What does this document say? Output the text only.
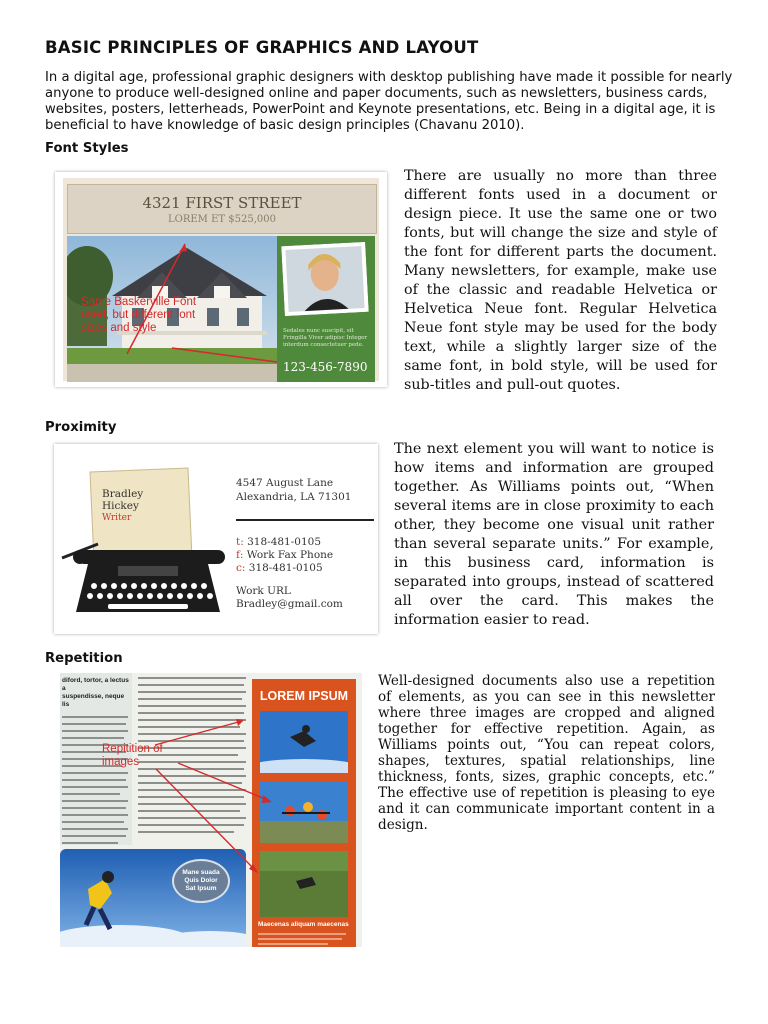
BASIC PRINCIPLES OF GRAPHICS AND LAYOUT

In a digital age, professional graphic designers with desktop publishing have made it possible for nearly anyone to produce well-designed online and paper documents, such as newsletters, business cards, websites, posters, letterheads, PowerPoint and Keynote presentations, etc. Being in a digital age, it is beneficial to have knowledge of basic design principles (Chavanu 2010).

Font Styles
4321 FIRST STREET
LOREM ET $525,000
Same Baskerville Font used, but different font sizes and style	Sedales nunc suscipit, sit Fringilla Viver adipisc Integer interdum consectetuer pede.
123-456-7890

There are usually no more than three different fonts used in a document or design piece. It use the same one or two fonts, but will change the size and style of the font for different parts the document. Many newsletters, for example, make use of the classic and readable Helvetica or Helvetica Neue font. Regular Helvetica Neue font style may be used for the body text, while a slightly larger size of the same font, in bold style, will be used for sub-titles and pull-out quotes.

Proximity
Bradley
Hickey
Writer
4547 August Lane
Alexandria, LA 71301
t: 318-481-0105
f: Work Fax Phone
c: 318-481-0105
Work URL
Bradley@gmail.com

The next element you will want to notice is how items and information are grouped together. As Williams points out, “When several items are in close proximity to each other, they become one visual unit rather than several separate units.” For example, in this business card, information is separated into groups, instead of scattered all over the card. This makes the information easier to read.

Repetition
diford, tortor, a lectus a
suspendisse, neque
lis
Mane suada
Quis Dolor
Sat Ipsum
LOREM IPSUM
Maecenas aliquam maecenas
Repitition of images

Well-designed documents also use a repetition of elements, as you can see in this newsletter where three images are cropped and aligned together for effective repetition. Again, as Williams points out, “You can repeat colors, shapes, textures, spatial relationships, line thickness, fonts, sizes, graphic concepts, etc.” The effective use of repetition is pleasing to eye and it can communicate important content in a design.
